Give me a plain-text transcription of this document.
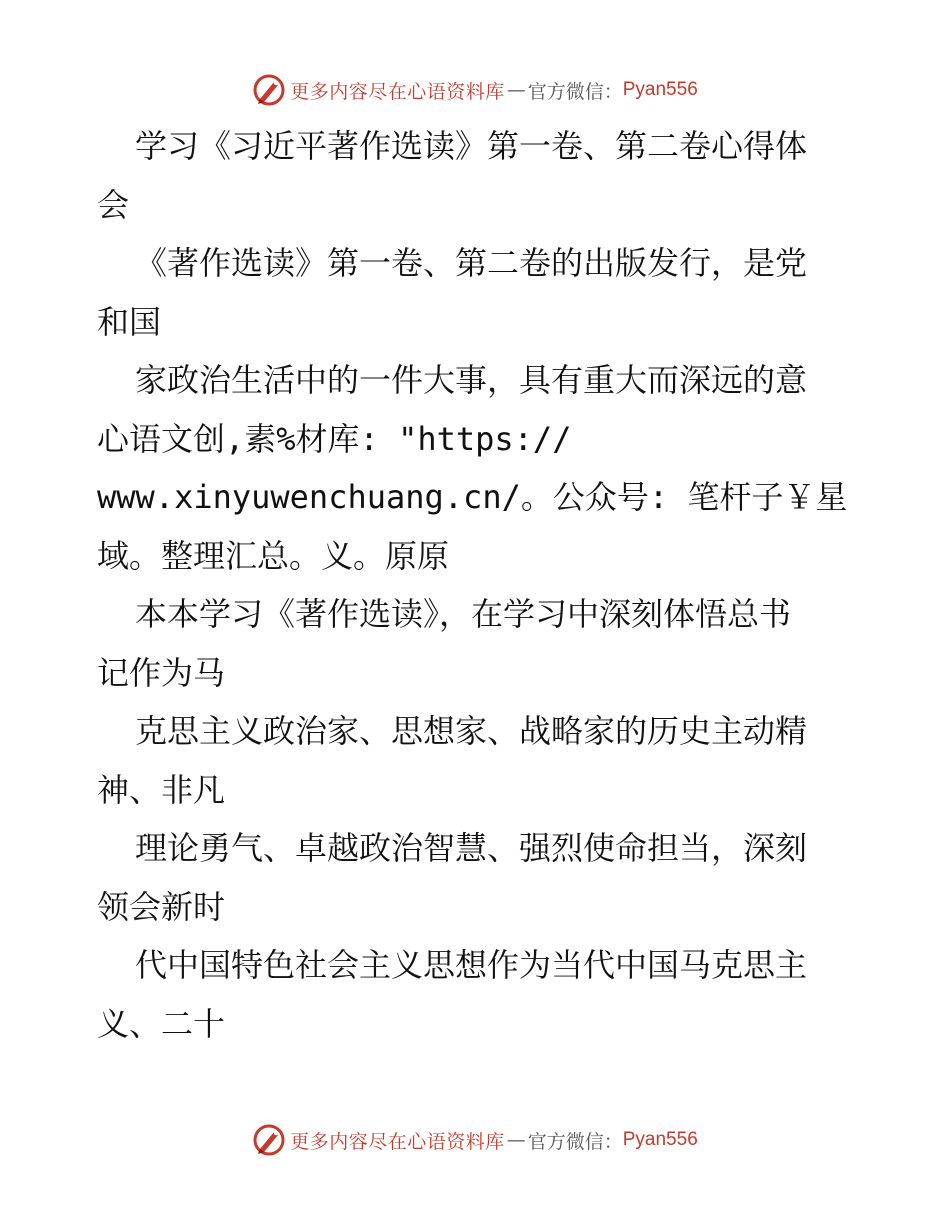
更多内容尽在心语资料库 — 官方微信： Pyan556
学习《习近平著作选读》第一卷、第二卷心得体
会
《著作选读》第一卷、第二卷的出版发行，是党
和国
家政治生活中的一件大事，具有重大而深远的意
心语文创,素%材库: "https://
www.xinyuwenchuang.cn/。公众号: 笔杆子￥星
域。整理汇总。义。原原
本本学习《著作选读》，在学习中深刻体悟总书
记作为马
克思主义政治家、思想家、战略家的历史主动精
神、非凡
理论勇气、卓越政治智慧、强烈使命担当，深刻
领会新时
代中国特色社会主义思想作为当代中国马克思主
义、二十
更多内容尽在心语资料库 — 官方微信： Pyan556
